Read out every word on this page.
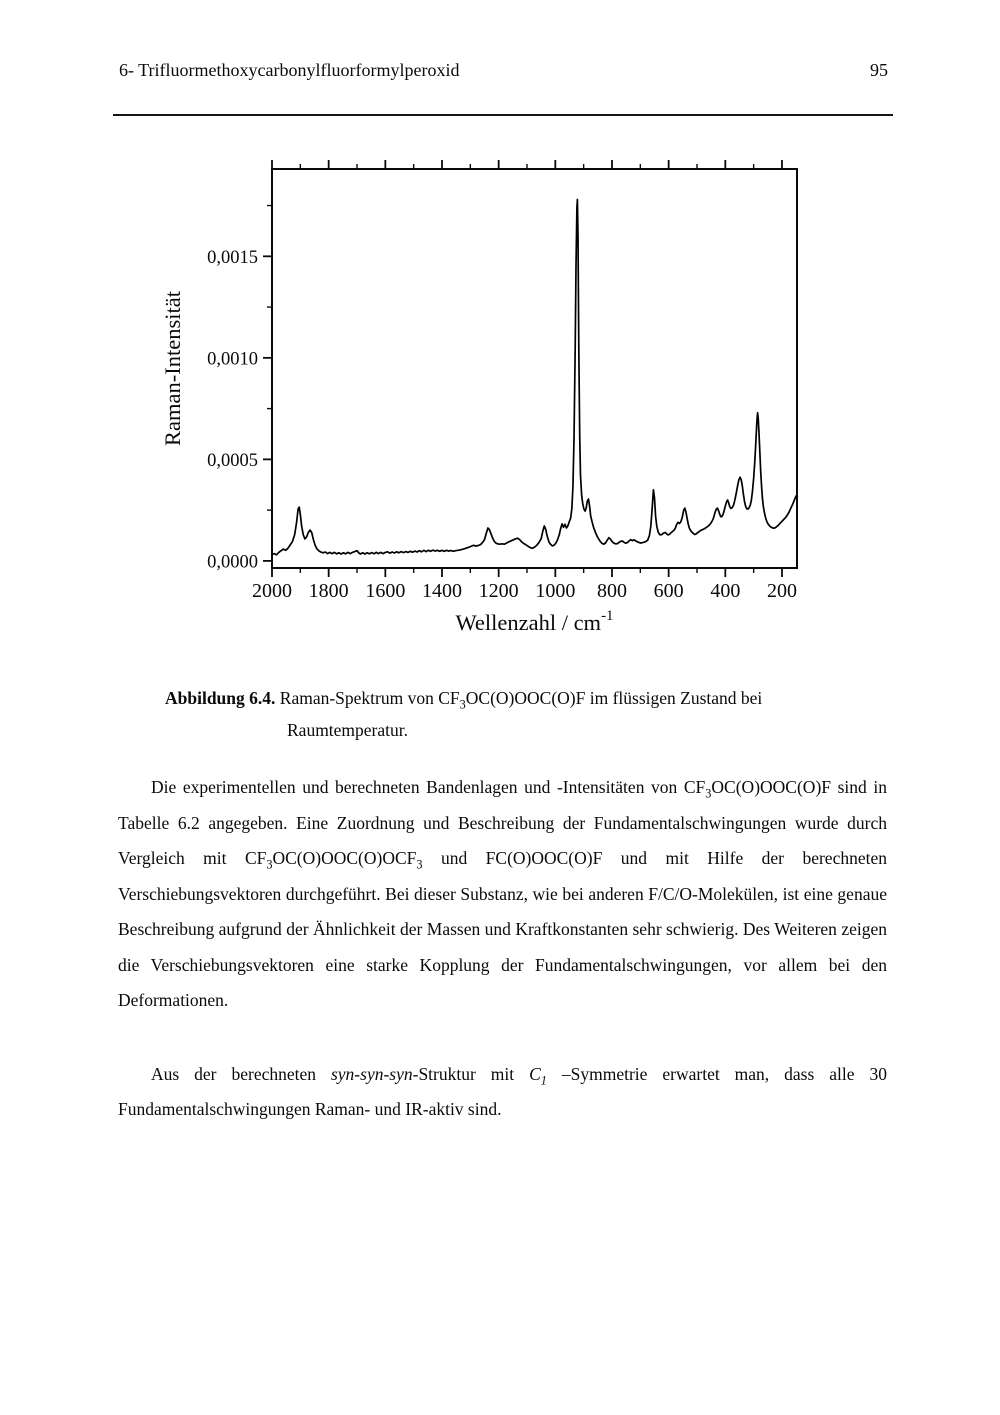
6- Trifluormethoxycarbonylfluorformylperoxid	95
2000 1800 1600 1400 1200 1000 800 600 400 200
0,0000
0,0005
0,0010
0,0015
Wellenzahl / $cm^{-1}$
Raman-Intensität

Abbildung 6.4. Raman-Spektrum von $CF_3OC(O)OOC(O)F$ im flüssigen Zustand bei
Raumtemperatur.

Die experimentellen und berechneten Bandenlagen und -Intensitäten von $CF_3OC(O)OOC(O)F$ sind in Tabelle 6.2 angegeben. Eine Zuordnung und Beschreibung der Fundamentalschwingungen wurde durch Vergleich mit $CF_3OC(O)OOC(O)OCF_3$ und FC(O)OOC(O)F und mit Hilfe der berechneten Verschiebungsvektoren durchgeführt. Bei dieser Substanz, wie bei anderen F/C/O-Molekülen, ist eine genaue Beschreibung aufgrund der Ähnlichkeit der Massen und Kraftkonstanten sehr schwierig. Des Weiteren zeigen die Verschiebungsvektoren eine starke Kopplung der Fundamentalschwingungen, vor allem bei den Deformationen.

Aus der berechneten syn-syn-syn-Struktur mit $C_1$ –Symmetrie erwartet man, dass alle 30 Fundamentalschwingungen Raman- und IR-aktiv sind.
